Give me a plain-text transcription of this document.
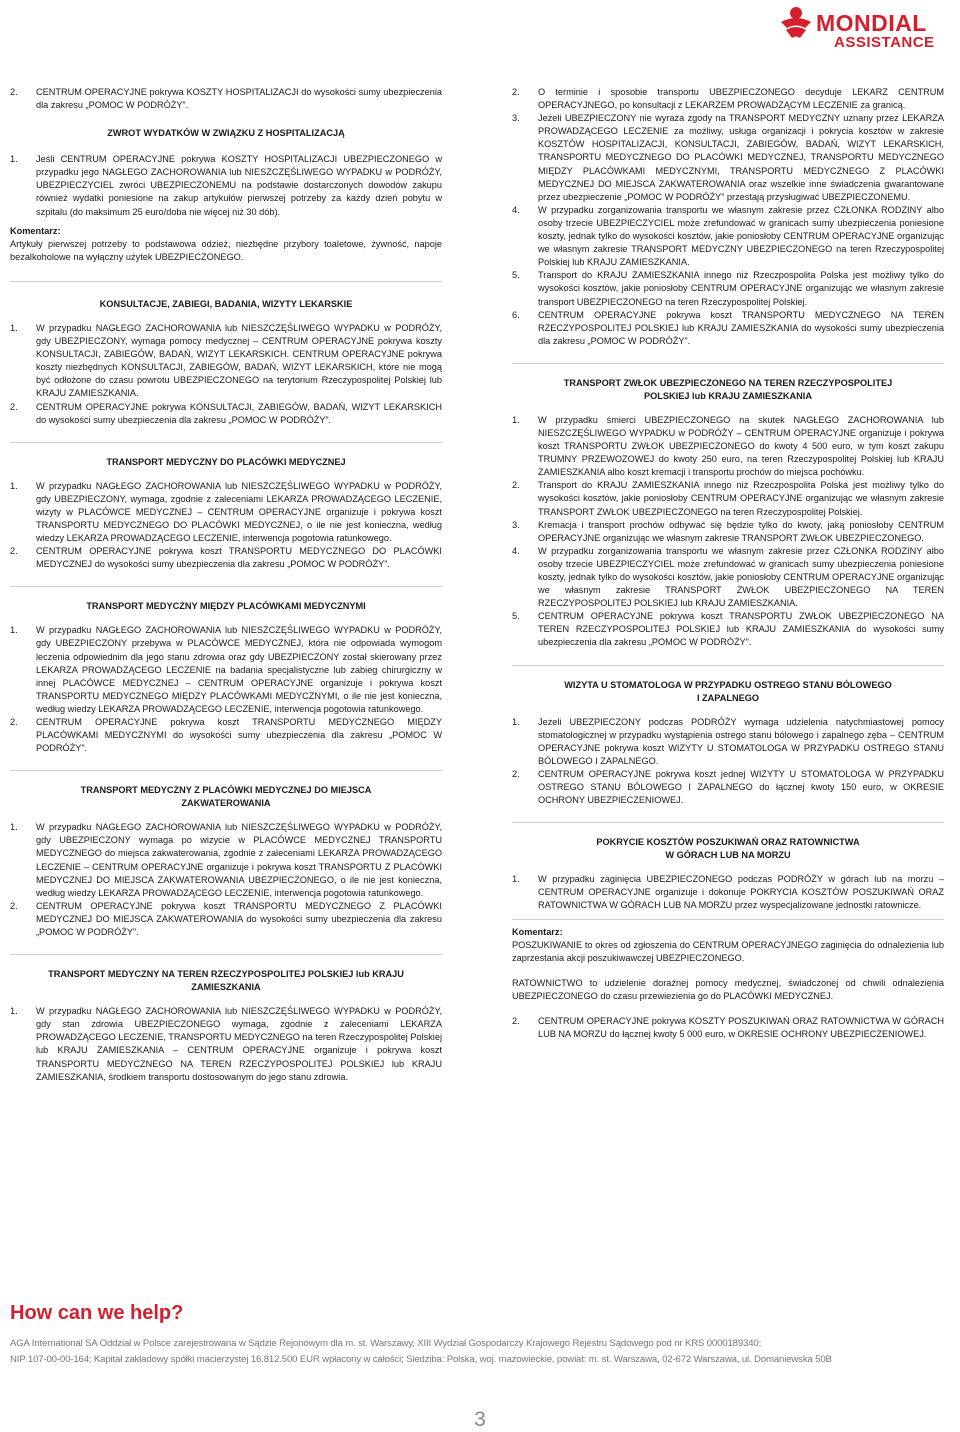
MONDIAL
ASSISTANCE
2.	CENTRUM OPERACYJNE pokrywa KOSZTY HOSPITALIZACJI do wysokości sumy ubezpieczenia dla zakresu „POMOC W PODRÓŻY”.

ZWROT WYDATKÓW W ZWIĄZKU Z HOSPITALIZACJĄ

1.	Jeśli CENTRUM OPERACYJNE pokrywa KOSZTY HOSPITALIZACJI UBEZPIECZONEGO w przypadku jego NAGŁEGO ZACHOROWANIA lub NIESZCZĘŚLIWEGO WYPADKU w PODRÓŻY, UBEZPIECZYCIEL zwróci UBEZPIECZONEMU na podstawie dostarczonych dowodów zakupu również wydatki poniesione na zakup artykułów pierwszej potrzeby za każdy dzień pobytu w szpitalu (do maksimum 25 euro/doba nie więcej niż 30 dób).

Komentarz:

Artykuły pierwszej potrzeby to podstawowa odzież, niezbędne przybory toaletowe, żywność, napoje bezalkoholowe na wyłączny użytek UBEZPIECZONEGO.

KONSULTACJE, ZABIEGI, BADANIA, WIZYTY LEKARSKIE

1.	W przypadku NAGŁEGO ZACHOROWANIA lub NIESZCZĘŚLIWEGO WYPADKU w PODRÓŻY, gdy UBEZPIECZONY, wymaga pomocy medycznej – CENTRUM OPERACYJNE pokrywa koszty KONSULTACJI, ZABIEGÓW, BADAŃ, WIZYT LEKARSKICH. CENTRUM OPERACYJNE pokrywa koszty niezbędnych KONSULTACJI, ZABIEGÓW, BADAŃ, WIZYT LEKARSKICH, które nie mogą być odłożone do czasu powrotu UBEZPIECZONEGO na terytorium Rzeczypospolitej Polskiej lub KRAJU ZAMIESZKANIA.
2.	CENTRUM OPERACYJNE pokrywa KONSULTACJI, ZABIEGÓW, BADAŃ, WIZYT LEKARSKICH do wysokości sumy ubezpieczenia dla zakresu „POMOC W PODRÓŻY”.

TRANSPORT MEDYCZNY DO PLACÓWKI MEDYCZNEJ

1.	W przypadku NAGŁEGO ZACHOROWANIA lub NIESZCZĘŚLIWEGO WYPADKU w PODRÓŻY, gdy UBEZPIECZONY, wymaga, zgodnie z zaleceniami LEKARZA PROWADZĄCEGO LECZENIE, wizyty w PLACÓWCE MEDYCZNEJ – CENTRUM OPERACYJNE organizuje i pokrywa koszt TRANSPORTU MEDYCZNEGO DO PLACÓWKI MEDYCZNEJ, o ile nie jest konieczna, według wiedzy LEKARZA PROWADZĄCEGO LECZENIE, interwencja pogotowia ratunkowego.
2.	CENTRUM OPERACYJNE pokrywa koszt TRANSPORTU MEDYCZNEGO DO PLACÓWKI MEDYCZNEJ do wysokości sumy ubezpieczenia dla zakresu „POMOC W PODRÓŻY”.

TRANSPORT MEDYCZNY MIĘDZY PLACÓWKAMI MEDYCZNYMI

1.	W przypadku NAGŁEGO ZACHOROWANIA lub NIESZCZĘŚLIWEGO WYPADKU w PODRÓŻY, gdy UBEZPIECZONY przebywa w PLACÓWCE MEDYCZNEJ, która nie odpowiada wymogom leczenia odpowiednim dla jego stanu zdrowia oraz gdy UBEZPIECZONY został skierowany przez LEKARZA PROWADZĄCEGO LECZENIE na badania specjalistyczne lub zabieg chirurgiczny w innej PLACÓWCE MEDYCZNEJ – CENTRUM OPERACYJNE organizuje i pokrywa koszt TRANSPORTU MEDYCZNEGO MIĘDZY PLACÓWKAMI MEDYCZNYMI, o ile nie jest konieczna, według wiedzy LEKARZA PROWADZĄCEGO LECZENIE, interwencja pogotowia ratunkowego.
2.	CENTRUM OPERACYJNE pokrywa koszt TRANSPORTU MEDYCZNEGO MIĘDZY PLACÓWKAMI MEDYCZNYMI do wysokości sumy ubezpieczenia dla zakresu „POMOC W PODRÓŻY”.

TRANSPORT MEDYCZNY Z PLACÓWKI MEDYCZNEJ DO MIEJSCA ZAKWATEROWANIA

1.	W przypadku NAGŁEGO ZACHOROWANIA lub NIESZCZĘŚLIWEGO WYPADKU w PODRÓŻY, gdy UBEZPIECZONY wymaga po wizycie w PLACÓWCE MEDYCZNEJ TRANSPORTU MEDYCZNEGO do miejsca zakwaterowania, zgodnie z zaleceniami LEKARZA PROWADZĄCEGO LECZENIE – CENTRUM OPERACYJNE organizuje i pokrywa koszt TRANSPORTU Z PLACÓWKI MEDYCZNEJ DO MIEJSCA ZAKWATEROWANIA UBEZPIECZONEGO, o ile nie jest konieczna, według wiedzy LEKARZA PROWADZĄCEGO LECZENIE, interwencja pogotowia ratunkowego.
2.	CENTRUM OPERACYJNE pokrywa koszt TRANSPORTU MEDYCZNEGO Z PLACÓWKI MEDYCZNEJ DO MIEJSCA ZAKWATEROWANIA do wysokości sumy ubezpieczenia dla zakresu „POMOC W PODRÓŻY”.

TRANSPORT MEDYCZNY NA TEREN RZECZYPOSPOLITEJ POLSKIEJ lub KRAJU ZAMIESZKANIA

1.	W przypadku NAGŁEGO ZACHOROWANIA lub NIESZCZĘŚLIWEGO WYPADKU w PODRÓŻY, gdy stan zdrowia UBEZPIECZONEGO wymaga, zgodnie z zaleceniami LEKARZA PROWADZĄCEGO LECZENIE, TRANSPORTU MEDYCZNEGO na teren Rzeczypospolitej Polskiej lub KRAJU ZAMIESZKANIA – CENTRUM OPERACYJNE organizuje i pokrywa koszt TRANSPORTU MEDYCZNEGO NA TEREN RZECZYPOSPOLITEJ POLSKIEJ lub KRAJU ZAMIESZKANIA, środkiem transportu dostosowanym do jego stanu zdrowia.
2.	O terminie i sposobie transportu UBEZPIECZONEGO decyduje LEKARZ CENTRUM OPERACYJNEGO, po konsultacji z LEKARZEM PROWADZĄCYM LECZENIE za granicą.
3.	Jeżeli UBEZPIECZONY nie wyraża zgody na TRANSPORT MEDYCZNY uznany przez LEKARZA PROWADZĄCEGO LECZENIE za możliwy, usługa organizacji i pokrycia kosztów w zakresie KOSZTÓW HOSPITALIZACJI, KONSULTACJI, ZABIEGÓW, BADAŃ, WIZYT LEKARSKICH, TRANSPORTU MEDYCZNEGO DO PLACÓWKI MEDYCZNEJ, TRANSPORTU MEDYCZNEGO MIĘDZY PLACÓWKAMI MEDYCZNYMI, TRANSPORTU MEDYCZNEGO Z PLACÓWKI MEDYCZNEJ DO MIEJSCA ZAKWATEROWANIA oraz wszelkie inne świadczenia gwarantowane przez ubezpieczenie „POMOC W PODRÓŻY” przestają przysługiwać UBEZPIECZONEMU.
4.	W przypadku zorganizowania transportu we własnym zakresie przez CZŁONKA RODZINY albo osoby trzecie UBEZPIECZYCIEL może zrefundować w granicach sumy ubezpieczenia poniesione koszty, jednak tylko do wysokości kosztów, jakie poniosłoby CENTRUM OPERACYJNE organizując we własnym zakresie TRANSPORT MEDYCZNY UBEZPIECZONEGO na teren Rzeczypospolitej Polskiej lub KRAJU ZAMIESZKANIA.
5.	Transport do KRAJU ZAMIESZKANIA innego niż Rzeczpospolita Polska jest możliwy tylko do wysokości kosztów, jakie poniosłoby CENTRUM OPERACYJNE organizując we własnym zakresie transport UBEZPIECZONEGO na teren Rzeczypospolitej Polskiej.
6.	CENTRUM OPERACYJNE pokrywa koszt TRANSPORTU MEDYCZNEGO NA TEREN RZECZYPOSPOLITEJ POLSKIEJ lub KRAJU ZAMIESZKANIA do wysokości sumy ubezpieczenia dla zakresu „POMOC W PODRÓŻY”.

TRANSPORT ZWŁOK UBEZPIECZONEGO NA TEREN RZECZYPOSPOLITEJ

POLSKIEJ lub KRAJU ZAMIESZKANIA

1.	W przypadku śmierci UBEZPIECZONEGO na skutek NAGŁEGO ZACHOROWANIA lub NIESZCZĘŚLIWEGO WYPADKU w PODRÓŻY – CENTRUM OPERACYJNE organizuje i pokrywa koszt TRANSPORTU ZWŁOK UBEZPIECZONEGO do kwoty 4 500 euro, w tym koszt zakupu TRUMNY PRZEWOZOWEJ do kwoty 250 euro, na teren Rzeczypospolitej Polskiej lub KRAJU ZAMIESZKANIA albo koszt kremacji i transportu prochów do miejsca pochówku.
2.	Transport do KRAJU ZAMIESZKANIA innego niż Rzeczpospolita Polska jest możliwy tylko do wysokości kosztów, jakie poniosłoby CENTRUM OPERACYJNE organizując we własnym zakresie TRANSPORT ZWŁOK UBEZPIECZONEGO na teren Rzeczypospolitej Polskiej.
3.	Kremacja i transport prochów odbywać się będzie tylko do kwoty, jaką poniosłoby CENTRUM OPERACYJNE organizując we własnym zakresie TRANSPORT ZWŁOK UBEZPIECZONEGO.
4.	W przypadku zorganizowania transportu we własnym zakresie przez CZŁONKA RODZINY albo osoby trzecie UBEZPIECZYCIEL może zrefundować w granicach sumy ubezpieczenia poniesione koszty, jednak tylko do wysokości kosztów, jakie poniosłoby CENTRUM OPERACYJNE organizując we własnym zakresie TRANSPORT ZWŁOK UBEZPIECZONEGO NA TEREN RZECZYPOSPOLITEJ POLSKIEJ lub KRAJU ZAMIESZKANIA.
5.	CENTRUM OPERACYJNE pokrywa koszt TRANSPORTU ZWŁOK UBEZPIECZONEGO NA TEREN RZECZYPOSPOLITEJ POLSKIEJ lub KRAJU ZAMIESZKANIA do wysokości sumy ubezpieczenia dla zakresu „POMOC W PODRÓŻY”.

WIZYTA U STOMATOLOGA W PRZYPADKU OSTREGO STANU BÓLOWEGO

I ZAPALNEGO

1.	Jeżeli UBEZPIECZONY podczas PODRÓŻY wymaga udzielenia natychmiastowej pomocy stomatologicznej w przypadku wystąpienia ostrego stanu bólowego i zapalnego zęba – CENTRUM OPERACYJNE pokrywa koszt WIZYTY U STOMATOLOGA W PRZYPADKU OSTREGO STANU BÓLOWEGO I ZAPALNEGO.
2.	CENTRUM OPERACYJNE pokrywa koszt jednej WIZYTY U STOMATOLOGA W PRZYPADKU OSTREGO STANU BÓLOWEGO I ZAPALNEGO do łącznej kwoty 150 euro, w OKRESIE OCHRONY UBEZPIECZENIOWEJ.

POKRYCIE KOSZTÓW POSZUKIWAŃ ORAZ RATOWNICTWA

W GÓRACH LUB NA MORZU

1.	W przypadku zaginięcia UBEZPIECZONEGO podczas PODRÓŻY w górach lub na morzu – CENTRUM OPERACYJNE organizuje i dokonuje POKRYCIA KOSZTÓW POSZUKIWAŃ ORAZ RATOWNICTWA W GÓRACH LUB NA MORZU przez wyspecjalizowane jednostki ratownicze.

Komentarz:

POSZUKIWANIE to okres od zgłoszenia do CENTRUM OPERACYJNEGO zaginięcia do odnalezienia lub zaprzestania akcji poszukiwawczej UBEZPIECZONEGO.

RATOWNICTWO to udzielenie doraźnej pomocy medycznej, świadczonej od chwili odnalezienia UBEZPIECZONEGO do czasu przewiezienia go do PLACÓWKI MEDYCZNEJ.

2.	CENTRUM OPERACYJNE pokrywa KOSZTY POSZUKIWAŃ ORAZ RATOWNICTWA W GÓRACH LUB NA MORZU do łącznej kwoty 5 000 euro, w OKRESIE OCHRONY UBEZPIECZENIOWEJ.

How can we help?

AGA International SA Oddział w Polsce zarejestrowana w Sądzie Rejonowym dla m. st. Warszawy, XIII Wydział Gospodarczy Krajowego Rejestru Sądowego pod nr KRS 0000189340;
NIP 107-00-00-164; Kapitał zakładowy spółki macierzystej 16.812.500 EUR wpłacony w całości; Siedziba: Polska, woj. mazowieckie, powiat: m. st. Warszawa, 02-672 Warszawa, ul. Domaniewska 50B
3
